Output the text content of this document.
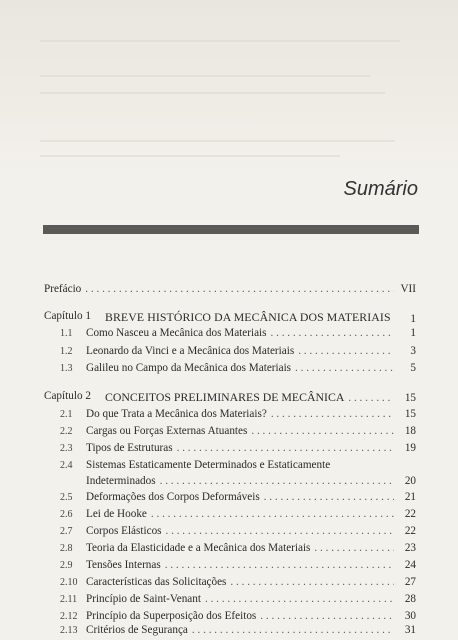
Sumário
Prefácio . . .	VII
Capítulo 1 BREVE HISTÓRICO DA MECÂNICA DOS MATERIAIS 1
1.1 Como Nasceu a Mecânica dos Materiais . . .	1
1.2 Leonardo da Vinci e a Mecânica dos Materiais . . .	3
1.3 Galileu no Campo da Mecânica dos Materiais . . .	5
Capítulo 2 CONCEITOS PRELIMINARES DE MECÂNICA . . .	15
2.1 Do que Trata a Mecânica dos Materiais? . . .	15
2.2 Cargas ou Forças Externas Atuantes . . .	18
2.3 Tipos de Estruturas . . .	19
2.4 Sistemas Estaticamente Determinados e Estaticamente
Indeterminados . . .	20
2.5 Deformações dos Corpos Deformáveis . . .	21
2.6 Lei de Hooke . . .	22
2.7 Corpos Elásticos . . .	22
2.8 Teoria da Elasticidade e a Mecânica dos Materiais . . .	23
2.9 Tensões Internas . . .	24
2.10 Características das Solicitações . . .	27
2.11 Princípio de Saint-Venant . . .	28
2.12 Princípio da Superposição dos Efeitos . . .	30
2.13 Critérios de Segurança . . .	31
